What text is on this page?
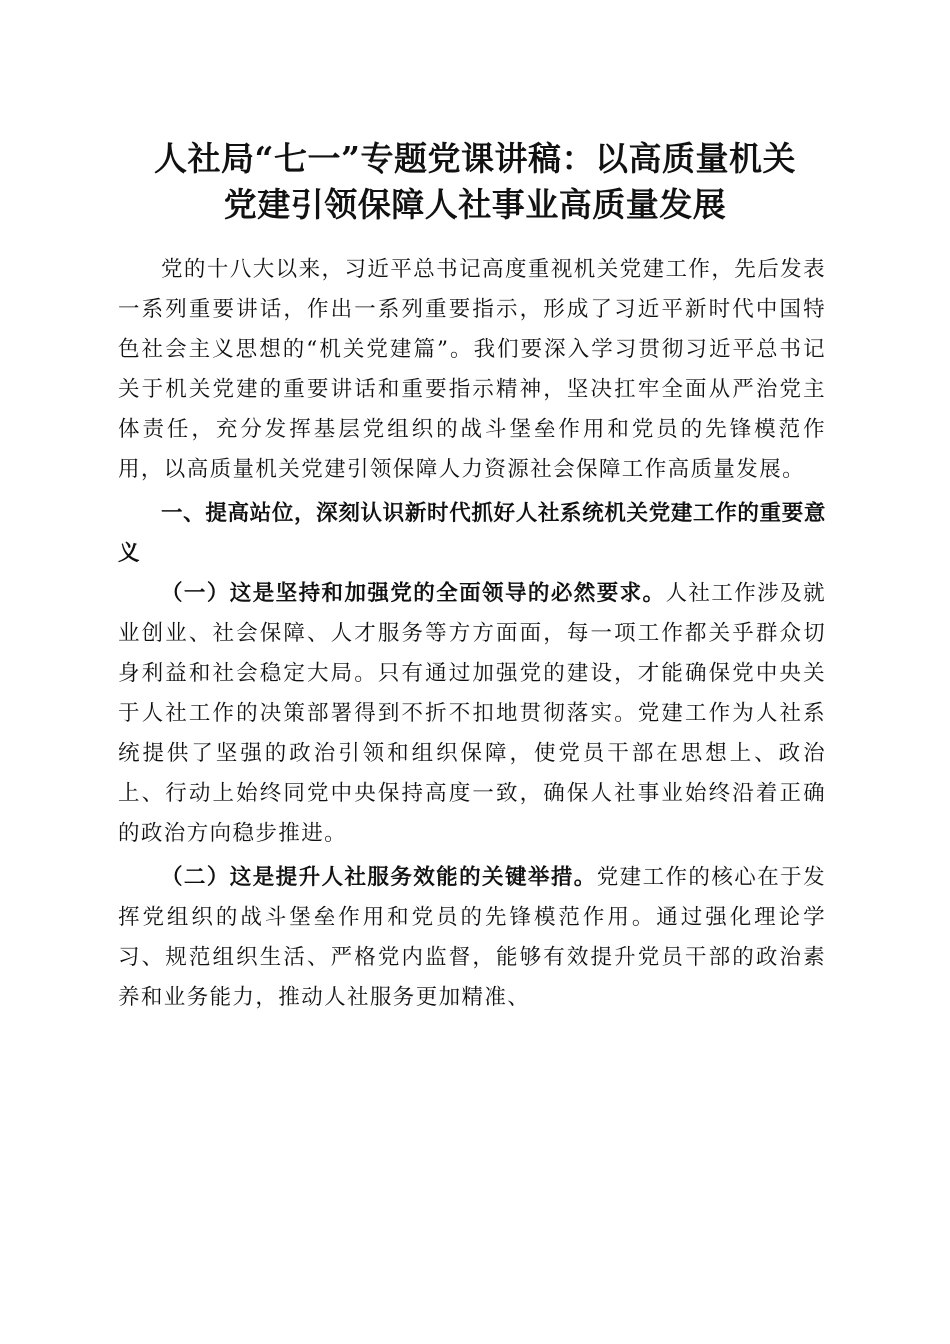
人社局“七一”专题党课讲稿：以高质量机关
党建引领保障人社事业高质量发展

党的十八大以来，习近平总书记高度重视机关党建工作，先后发表一系列重要讲话，作出一系列重要指示，形成了习近平新时代中国特色社会主义思想的“机关党建篇”。我们要深入学习贯彻习近平总书记关于机关党建的重要讲话和重要指示精神，坚决扛牢全面从严治党主体责任，充分发挥基层党组织的战斗堡垒作用和党员的先锋模范作用，以高质量机关党建引领保障人力资源社会保障工作高质量发展。

一、提高站位，深刻认识新时代抓好人社系统机关党建工作的重要意义

（一）这是坚持和加强党的全面领导的必然要求。人社工作涉及就业创业、社会保障、人才服务等方方面面，每一项工作都关乎群众切身利益和社会稳定大局。只有通过加强党的建设，才能确保党中央关于人社工作的决策部署得到不折不扣地贯彻落实。党建工作为人社系统提供了坚强的政治引领和组织保障，使党员干部在思想上、政治上、行动上始终同党中央保持高度一致，确保人社事业始终沿着正确的政治方向稳步推进。

（二）这是提升人社服务效能的关键举措。党建工作的核心在于发挥党组织的战斗堡垒作用和党员的先锋模范作用。通过强化理论学习、规范组织生活、严格党内监督，能够有效提升党员干部的政治素养和业务能力，推动人社服务更加精准、
